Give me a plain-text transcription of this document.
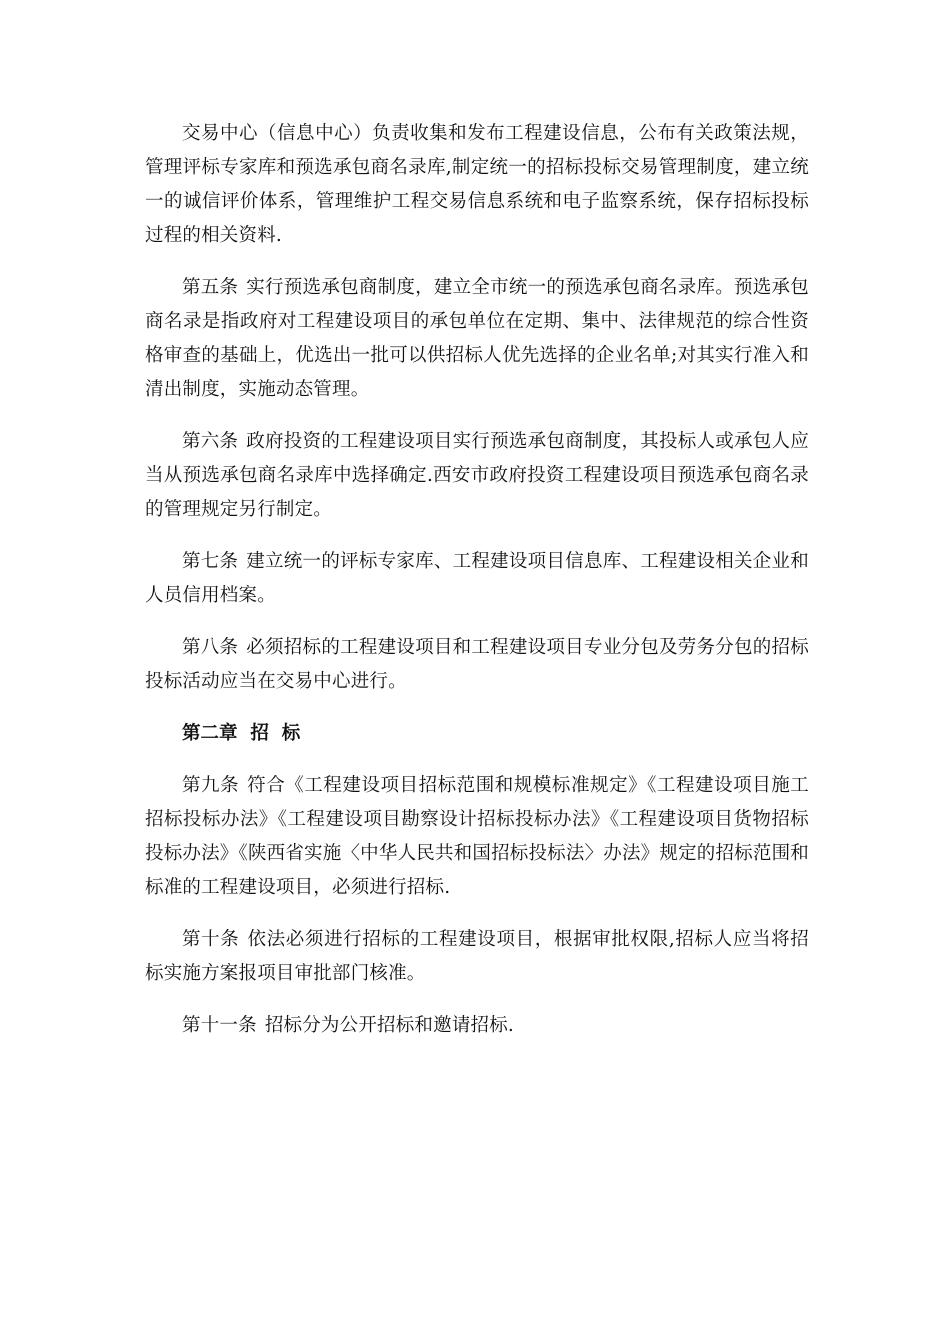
交易中心（信息中心）负责收集和发布工程建设信息，公布有关政策法规，管理评标专家库和预选承包商名录库,制定统一的招标投标交易管理制度，建立统一的诚信评价体系，管理维护工程交易信息系统和电子监察系统，保存招标投标过程的相关资料.

第五条 实行预选承包商制度，建立全市统一的预选承包商名录库。预选承包商名录是指政府对工程建设项目的承包单位在定期、集中、法律规范的综合性资格审查的基础上，优选出一批可以供招标人优先选择的企业名单;对其实行准入和清出制度，实施动态管理。

第六条 政府投资的工程建设项目实行预选承包商制度，其投标人或承包人应当从预选承包商名录库中选择确定.西安市政府投资工程建设项目预选承包商名录的管理规定另行制定。

第七条 建立统一的评标专家库、工程建设项目信息库、工程建设相关企业和人员信用档案。

第八条 必须招标的工程建设项目和工程建设项目专业分包及劳务分包的招标投标活动应当在交易中心进行。

第二章  招  标

第九条 符合《工程建设项目招标范围和规模标准规定》《工程建设项目施工招标投标办法》《工程建设项目勘察设计招标投标办法》《工程建设项目货物招标投标办法》《陕西省实施〈中华人民共和国招标投标法〉办法》规定的招标范围和标准的工程建设项目，必须进行招标.

第十条 依法必须进行招标的工程建设项目，根据审批权限,招标人应当将招标实施方案报项目审批部门核准。

第十一条 招标分为公开招标和邀请招标.
